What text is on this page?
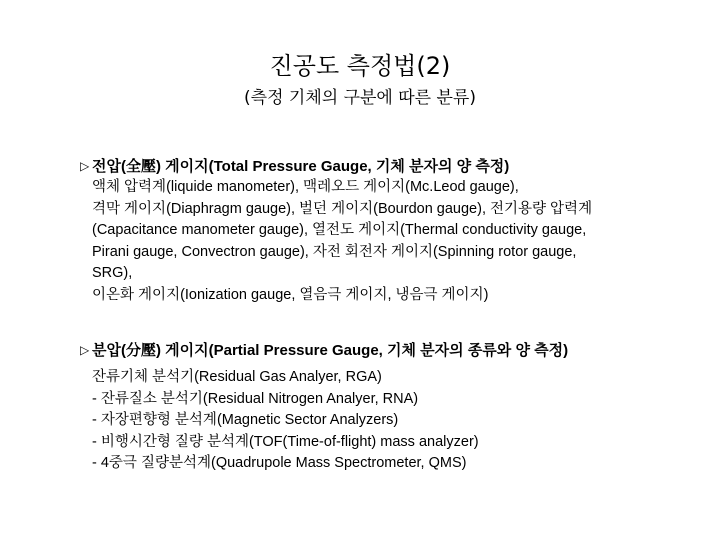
진공도 측정법(2)
(측정 기체의 구분에 따른 분류)
▷ 전압(全壓) 게이지(Total Pressure Gauge, 기체 분자의 양 측정)
액체 압력계(liquide manometer), 맥레오드 게이지(Mc.Leod gauge),
격막 게이지(Diaphragm gauge), 벌던 게이지(Bourdon gauge), 전기용량 압력계
(Capacitance manometer gauge), 열전도 게이지(Thermal conductivity gauge,
Pirani gauge, Convectron gauge), 자전 회전자 게이지(Spinning rotor gauge,
SRG),
이온화 게이지(Ionization gauge, 열음극 게이지, 냉음극 게이지)
▷ 분압(分壓) 게이지(Partial Pressure Gauge, 기체 분자의 종류와 양 측정)
잔류기체 분석기(Residual Gas Analyer, RGA)
- 잔류질소 분석기(Residual Nitrogen Analyer, RNA)
- 자장편향형 분석계(Magnetic Sector Analyzers)
- 비행시간형 질량 분석계(TOF(Time-of-flight) mass analyzer)
- 4중극 질량분석계(Quadrupole Mass Spectrometer, QMS)
